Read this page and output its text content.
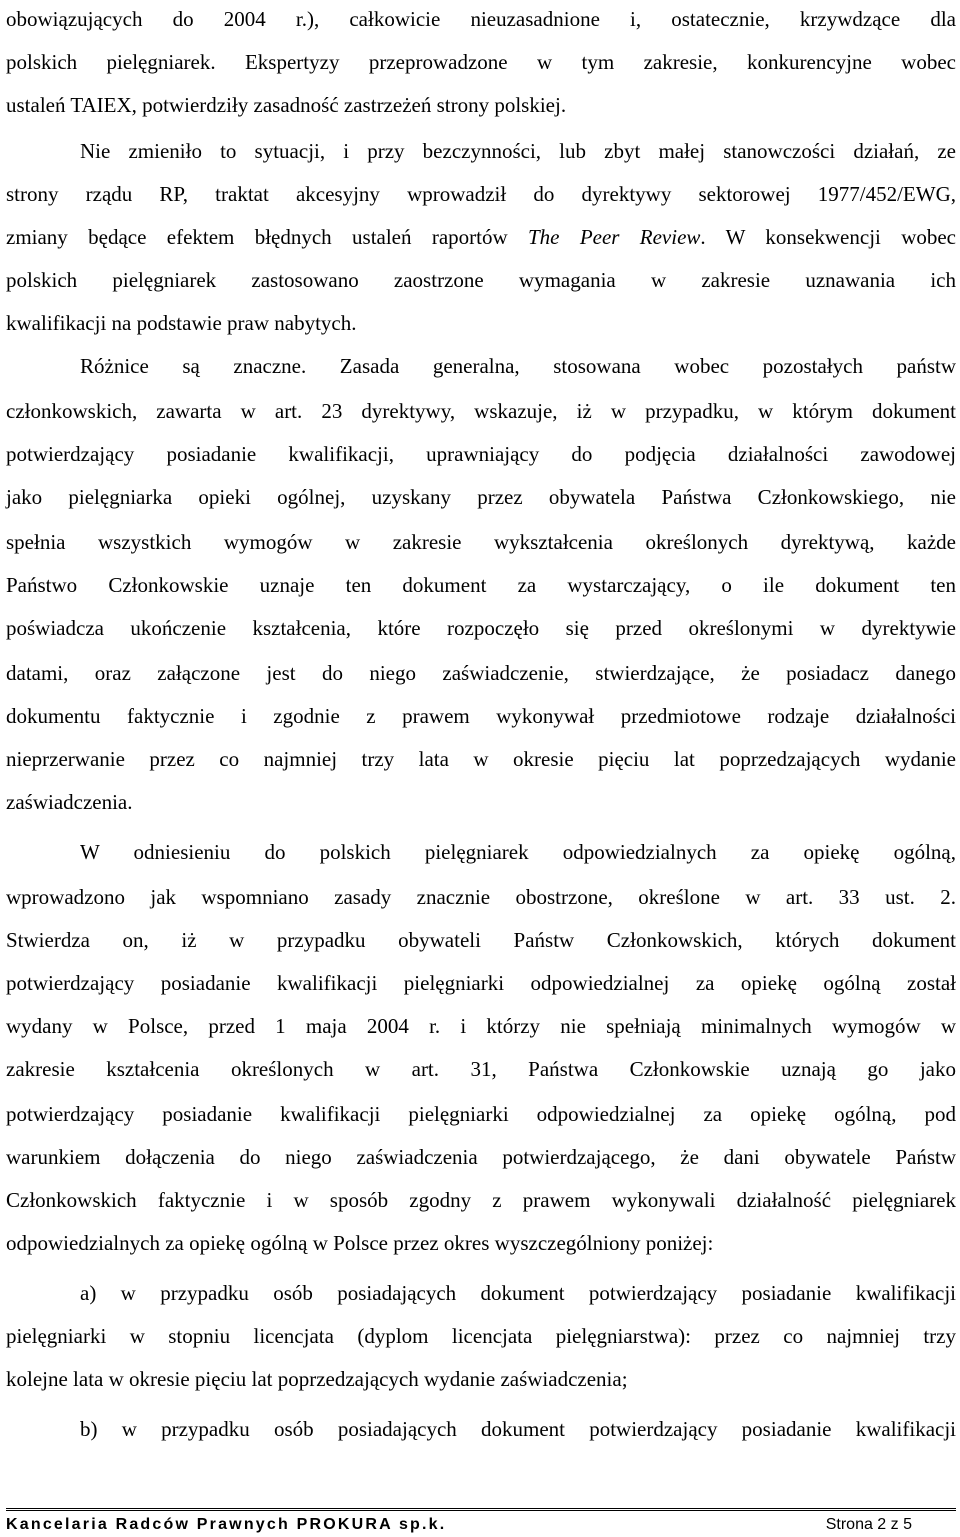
obowiązujących do 2004 r.), całkowicie nieuzasadnione i, ostatecznie, krzywdzące dla
polskich pielęgniarek. Ekspertyzy przeprowadzone w tym zakresie, konkurencyjne wobec
ustaleń TAIEX, potwierdziły zasadność zastrzeżeń strony polskiej.
Nie zmieniło to sytuacji, i przy bezczynności, lub zbyt małej stanowczości działań, ze
strony rządu RP, traktat akcesyjny wprowadził do dyrektywy sektorowej 1977/452/EWG,
zmiany będące efektem błędnych ustaleń raportów The Peer Review. W konsekwencji wobec
polskich pielęgniarek zastosowano zaostrzone wymagania w zakresie uznawania ich
kwalifikacji na podstawie praw nabytych.
Różnice są znaczne. Zasada generalna, stosowana wobec pozostałych państw
członkowskich, zawarta w art. 23 dyrektywy, wskazuje, iż w przypadku, w którym dokument
potwierdzający posiadanie kwalifikacji, uprawniający do podjęcia działalności zawodowej
jako pielęgniarka opieki ogólnej, uzyskany przez obywatela Państwa Członkowskiego, nie
spełnia wszystkich wymogów w zakresie wykształcenia określonych dyrektywą, każde
Państwo Członkowskie uznaje ten dokument za wystarczający, o ile dokument ten
poświadcza ukończenie kształcenia, które rozpoczęło się przed określonymi w dyrektywie
datami, oraz załączone jest do niego zaświadczenie, stwierdzające, że posiadacz danego
dokumentu faktycznie i zgodnie z prawem wykonywał przedmiotowe rodzaje działalności
nieprzerwanie przez co najmniej trzy lata w okresie pięciu lat poprzedzających wydanie
zaświadczenia.
W odniesieniu do polskich pielęgniarek odpowiedzialnych za opiekę ogólną,
wprowadzono jak wspomniano zasady znacznie obostrzone, określone w art. 33 ust. 2.
Stwierdza on, iż w przypadku obywateli Państw Członkowskich, których dokument
potwierdzający posiadanie kwalifikacji pielęgniarki odpowiedzialnej za opiekę ogólną został
wydany w Polsce, przed 1 maja 2004 r. i którzy nie spełniają minimalnych wymogów w
zakresie kształcenia określonych w art. 31, Państwa Członkowskie uznają go jako
potwierdzający posiadanie kwalifikacji pielęgniarki odpowiedzialnej za opiekę ogólną, pod
warunkiem dołączenia do niego zaświadczenia potwierdzającego, że dani obywatele Państw
Członkowskich faktycznie i w sposób zgodny z prawem wykonywali działalność pielęgniarek
odpowiedzialnych za opiekę ogólną w Polsce przez okres wyszczególniony poniżej:
a) w przypadku osób posiadających dokument potwierdzający posiadanie kwalifikacji
pielęgniarki w stopniu licencjata (dyplom licencjata pielęgniarstwa): przez co najmniej trzy
kolejne lata w okresie pięciu lat poprzedzających wydanie zaświadczenia;
b) w przypadku osób posiadających dokument potwierdzający posiadanie kwalifikacji
Kancelaria Radców Prawnych PROKURA sp.k.	Strona 2 z 5
